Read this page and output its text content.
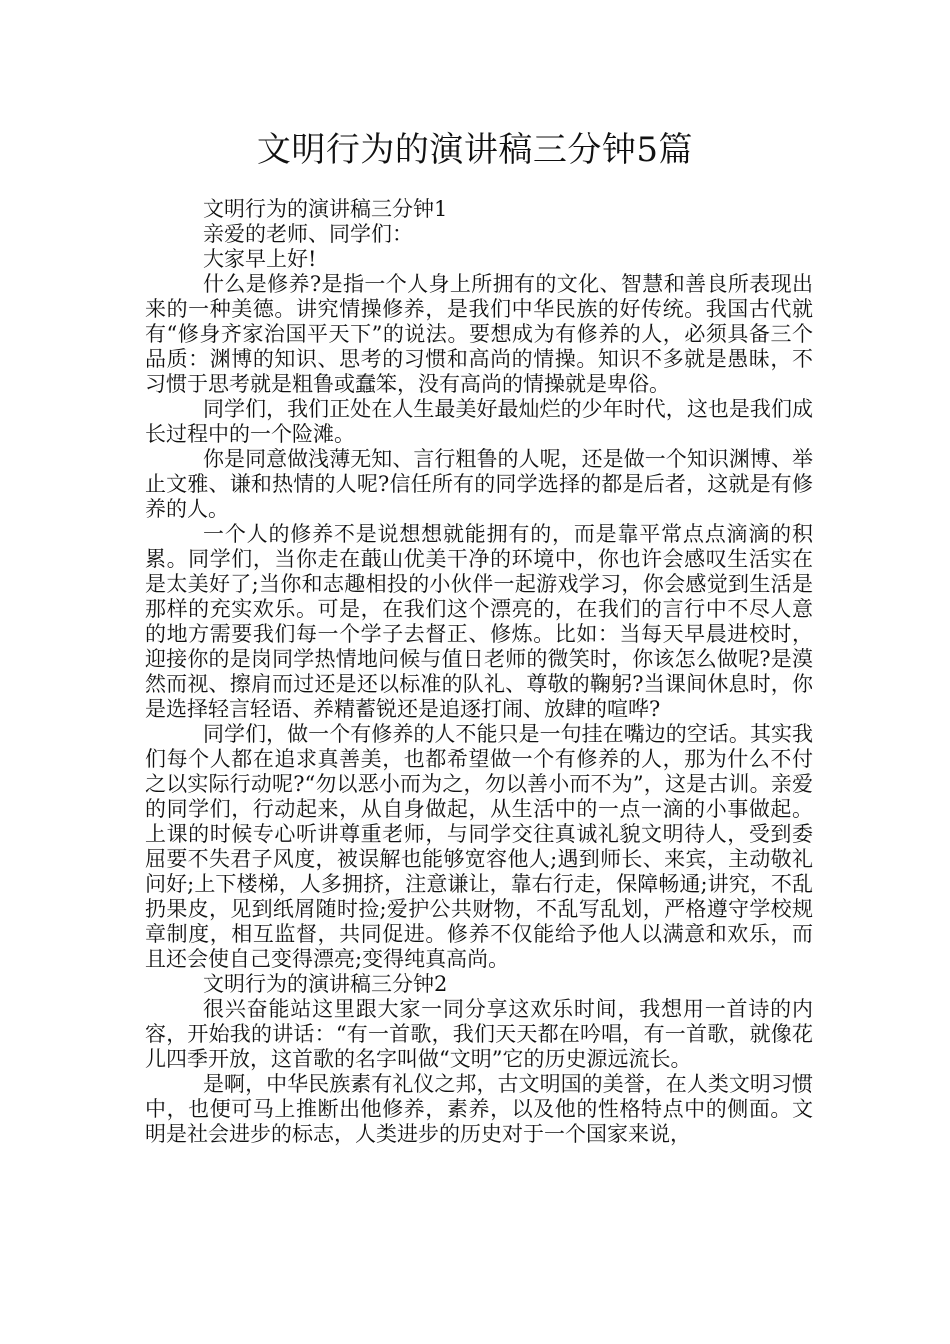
文明行为的演讲稿三分钟5篇

文明行为的演讲稿三分钟1

亲爱的老师、同学们：

大家早上好!

什么是修养?是指一个人身上所拥有的文化、智慧和善良所表现出来的一种美德。讲究情操修养，是我们中华民族的好传统。我国古代就有“修身齐家治国平天下”的说法。要想成为有修养的人，必须具备三个品质：渊博的知识、思考的习惯和高尚的情操。知识不多就是愚昧，不习惯于思考就是粗鲁或蠢笨，没有高尚的情操就是卑俗。

同学们，我们正处在人生最美好最灿烂的少年时代，这也是我们成长过程中的一个险滩。

你是同意做浅薄无知、言行粗鲁的人呢，还是做一个知识渊博、举止文雅、谦和热情的人呢?信任所有的同学选择的都是后者，这就是有修养的人。

一个人的修养不是说想想就能拥有的，而是靠平常点点滴滴的积累。同学们，当你走在蕺山优美干净的环境中，你也许会感叹生活实在是太美好了;当你和志趣相投的小伙伴一起游戏学习，你会感觉到生活是那样的充实欢乐。可是，在我们这个漂亮的，在我们的言行中不尽人意的地方需要我们每一个学子去督正、修炼。比如：当每天早晨进校时，迎接你的是岗同学热情地问候与值日老师的微笑时，你该怎么做呢?是漠然而视、擦肩而过还是还以标准的队礼、尊敬的鞠躬?当课间休息时，你是选择轻言轻语、养精蓄锐还是追逐打闹、放肆的喧哗?

同学们，做一个有修养的人不能只是一句挂在嘴边的空话。其实我们每个人都在追求真善美，也都希望做一个有修养的人，那为什么不付之以实际行动呢?“勿以恶小而为之，勿以善小而不为”，这是古训。亲爱的同学们，行动起来，从自身做起，从生活中的一点一滴的小事做起。上课的时候专心听讲尊重老师，与同学交往真诚礼貌文明待人，受到委屈要不失君子风度，被误解也能够宽容他人;遇到师长、来宾，主动敬礼问好;上下楼梯，人多拥挤，注意谦让，靠右行走，保障畅通;讲究，不乱扔果皮，见到纸屑随时捡;爱护公共财物，不乱写乱划，严格遵守学校规章制度，相互监督，共同促进。修养不仅能给予他人以满意和欢乐，而且还会使自己变得漂亮;变得纯真高尚。

文明行为的演讲稿三分钟2

很兴奋能站这里跟大家一同分享这欢乐时间，我想用一首诗的内容，开始我的讲话：“有一首歌，我们天天都在吟唱，有一首歌，就像花儿四季开放，这首歌的名字叫做“文明”它的历史源远流长。

是啊，中华民族素有礼仪之邦，古文明国的美誉，在人类文明习惯中，也便可马上推断出他修养，素养，以及他的性格特点中的侧面。文明是社会进步的标志，人类进步的历史对于一个国家来说，
